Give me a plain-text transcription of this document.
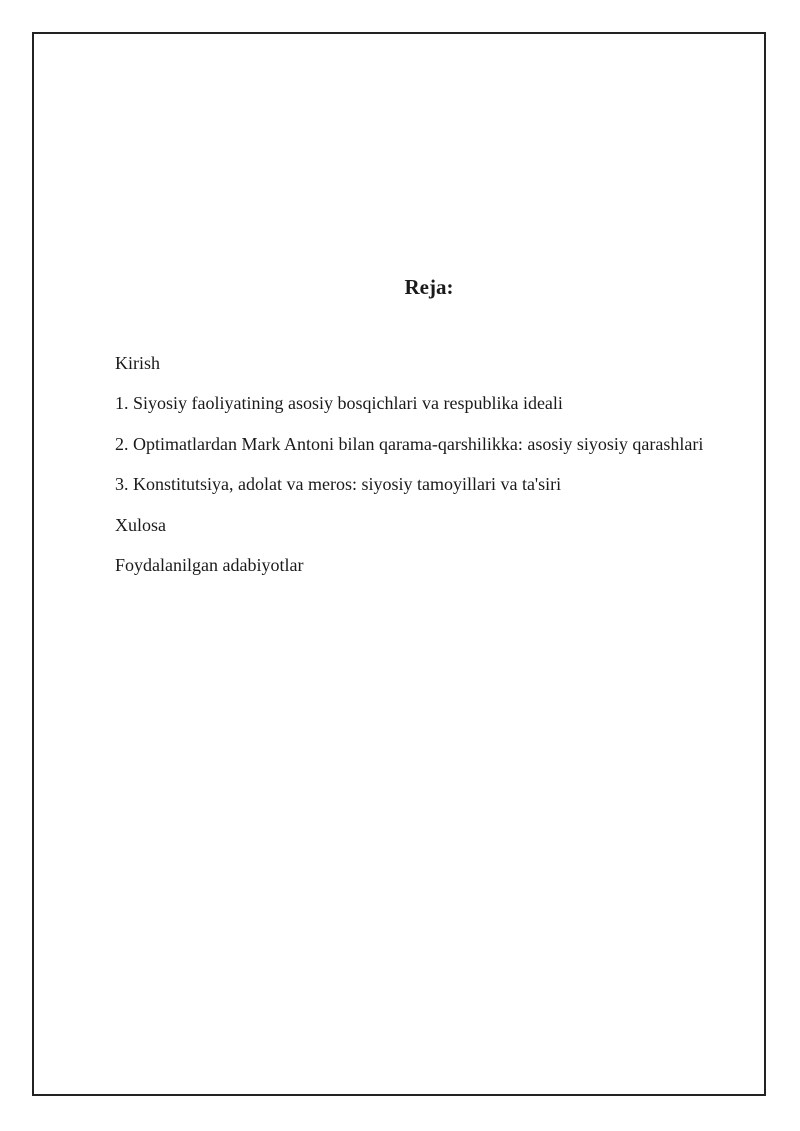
Reja:
Kirish
1. Siyosiy faoliyatining asosiy bosqichlari va respublika ideali
2. Optimatlardan Mark Antoni bilan qarama-qarshilikka: asosiy siyosiy qarashlari
3. Konstitutsiya, adolat va meros: siyosiy tamoyillari va ta'siri
Xulosa
Foydalanilgan adabiyotlar
